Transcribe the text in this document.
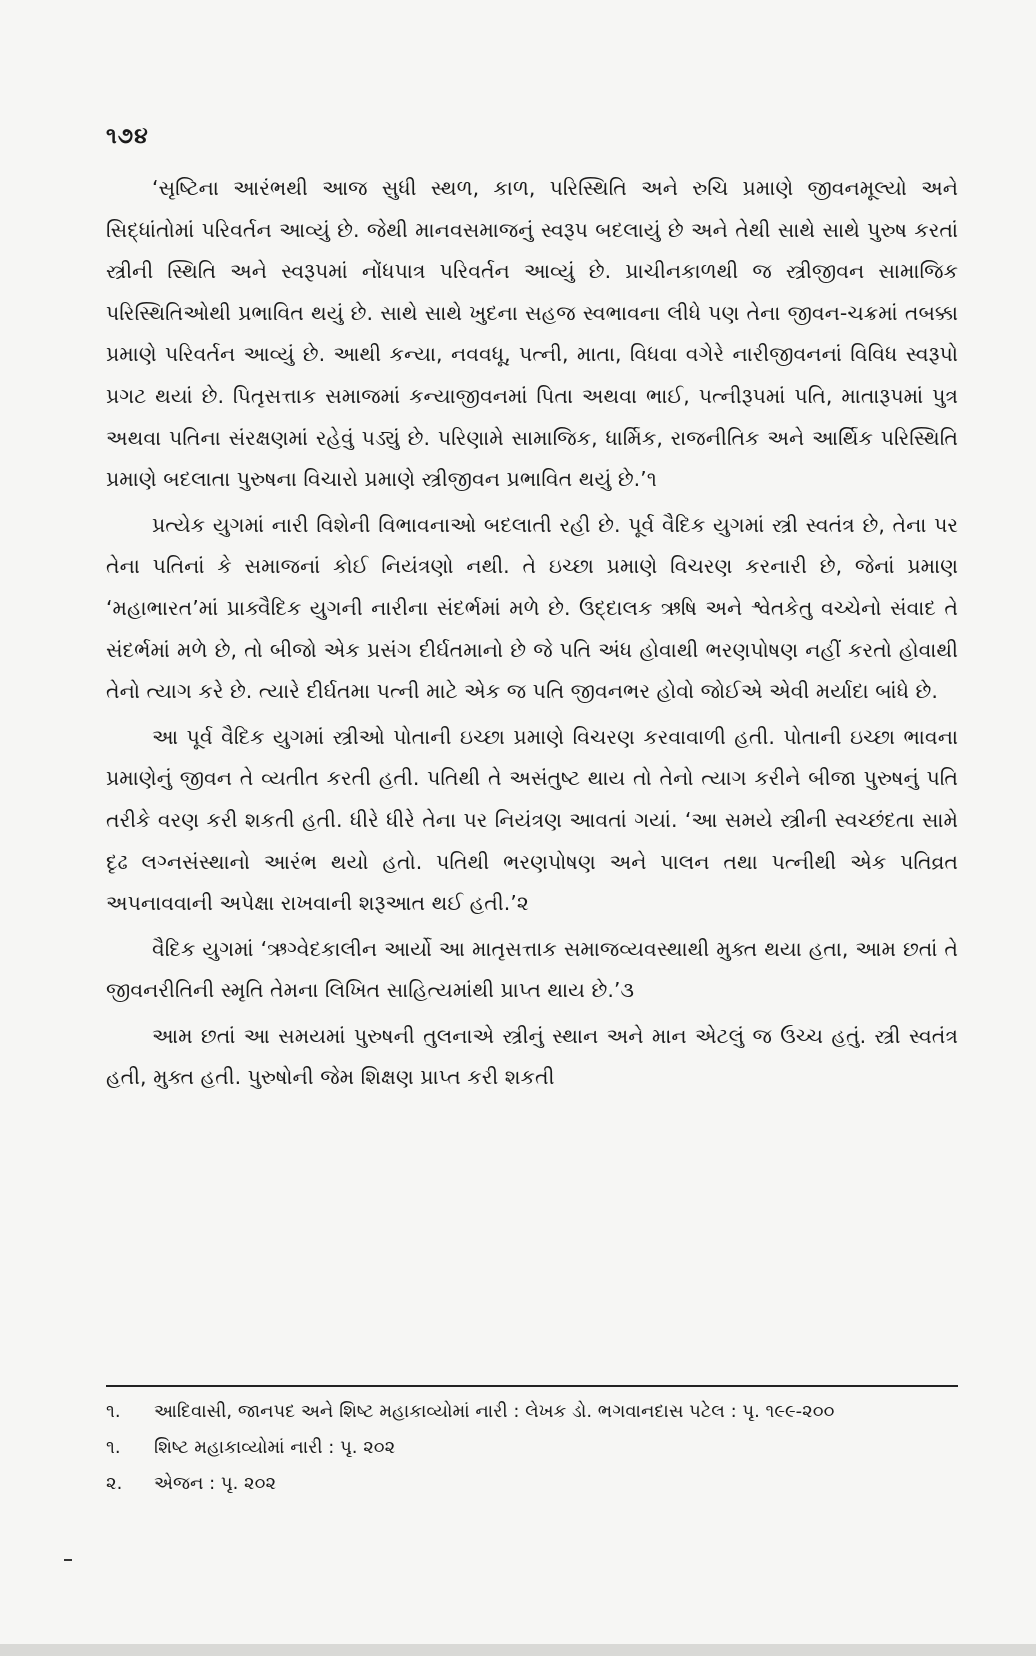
૧૭૪

‘સૃષ્ટિના આરંભથી આજ સુધી સ્થળ, કાળ, પરિસ્થિતિ અને રુચિ પ્રમાણે જીવનમૂલ્યો અને સિદ્ધાંતોમાં પરિવર્તન આવ્યું છે. જેથી માનવસમાજનું સ્વરૂપ બદલાયું છે અને તેથી સાથે સાથે પુરુષ કરતાં સ્ત્રીની સ્થિતિ અને સ્વરૂપમાં નોંધપાત્ર પરિવર્તન આવ્યું છે. પ્રાચીનકાળથી જ સ્ત્રીજીવન સામાજિક પરિસ્થિતિઓથી પ્રભાવિત થયું છે. સાથે સાથે ખુદના સહજ સ્વભાવના લીધે પણ તેના જીવન-ચક્રમાં તબક્કા પ્રમાણે પરિવર્તન આવ્યું છે. આથી કન્યા, નવવધૂ, પત્ની, માતા, વિધવા વગેરે નારીજીવનનાં વિવિધ સ્વરૂપો પ્રગટ થયાં છે. પિતૃસત્તાક સમાજમાં કન્યાજીવનમાં પિતા અથવા ભાઈ, પત્નીરૂપમાં પતિ, માતારૂપમાં પુત્ર અથવા પતિના સંરક્ષણમાં રહેવું પડ્યું છે. પરિણામે સામાજિક, ધાર્મિક, રાજનીતિક અને આર્થિક પરિસ્થિતિ પ્રમાણે બદલાતા પુરુષના વિચારો પ્રમાણે સ્ત્રીજીવન પ્રભાવિત થયું છે.’૧

પ્રત્યેક યુગમાં નારી વિશેની વિભાવનાઓ બદલાતી રહી છે. પૂર્વ વૈદિક યુગમાં સ્ત્રી સ્વતંત્ર છે, તેના પર તેના પતિનાં કે સમાજનાં કોઈ નિયંત્રણો નથી. તે ઇચ્છા પ્રમાણે વિચરણ કરનારી છે, જેનાં પ્રમાણ ‘મહાભારત’માં પ્રાક્વૈદિક યુગની નારીના સંદર્ભમાં મળે છે. ઉદ્દાલક ઋષિ અને શ્વેતકેતુ વચ્ચેનો સંવાદ તે સંદર્ભમાં મળે છે, તો બીજો એક પ્રસંગ દીર્ઘતમાનો છે જે પતિ અંધ હોવાથી ભરણપોષણ નહીં કરતો હોવાથી તેનો ત્યાગ કરે છે. ત્યારે દીર્ઘતમા પત્ની માટે એક જ પતિ જીવનભર હોવો જોઈએ એવી મર્યાદા બાંધે છે.

આ પૂર્વ વૈદિક યુગમાં સ્ત્રીઓ પોતાની ઇચ્છા પ્રમાણે વિચરણ કરવાવાળી હતી. પોતાની ઇચ્છા ભાવના પ્રમાણેનું જીવન તે વ્યતીત કરતી હતી. પતિથી તે અસંતુષ્ટ થાય તો તેનો ત્યાગ કરીને બીજા પુરુષનું પતિ તરીકે વરણ કરી શકતી હતી. ધીરે ધીરે તેના પર નિયંત્રણ આવતાં ગયાં. ‘આ સમયે સ્ત્રીની સ્વચ્છંદતા સામે દૃઢ લગ્નસંસ્થાનો આરંભ થયો હતો. પતિથી ભરણપોષણ અને પાલન તથા પત્નીથી એક પતિવ્રત અપનાવવાની અપેક્ષા રાખવાની શરૂઆત થઈ હતી.’૨

વૈદિક યુગમાં ‘ઋગ્વેદકાલીન આર્યો આ માતૃસત્તાક સમાજવ્યવસ્થાથી મુક્ત થયા હતા, આમ છતાં તે જીવનરીતિની સ્મૃતિ તેમના લિખિત સાહિત્યમાંથી પ્રાપ્ત થાય છે.’૩

આમ છતાં આ સમયમાં પુરુષની તુલનાએ સ્ત્રીનું સ્થાન અને માન એટલું જ ઉચ્ચ હતું. સ્ત્રી સ્વતંત્ર હતી, મુક્ત હતી. પુરુષોની જેમ શિક્ષણ પ્રાપ્ત કરી શકતી

૧.	આદિવાસી, જાનપદ અને શિષ્ટ મહાકાવ્યોમાં નારી : લેખક ડો. ભગવાનદાસ પટેલ : પૃ. ૧૯૯-૨૦૦
૧.	શિષ્ટ મહાકાવ્યોમાં નારી : પૃ. ૨૦૨
૨.	એજન : પૃ. ૨૦૨
